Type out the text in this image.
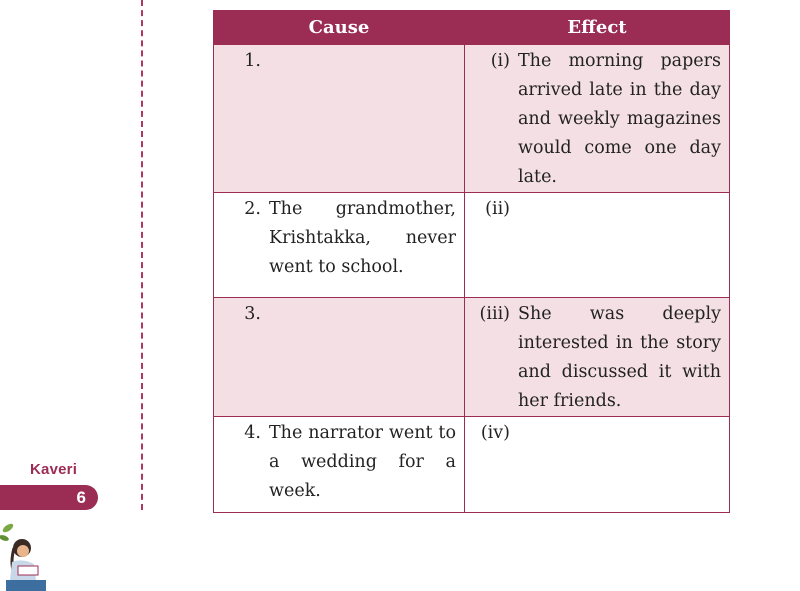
Cause	Effect

1.	(i) The morning papers arrived late in the day and weekly magazines would come one day late.

2. The grandmother, Krishtakka, never went to school.	(ii)

3.	(iii) She was deeply interested in the story and discussed it with her friends.

4. The narrator went to a wedding for a week.	(iv)
Kaveri
6
